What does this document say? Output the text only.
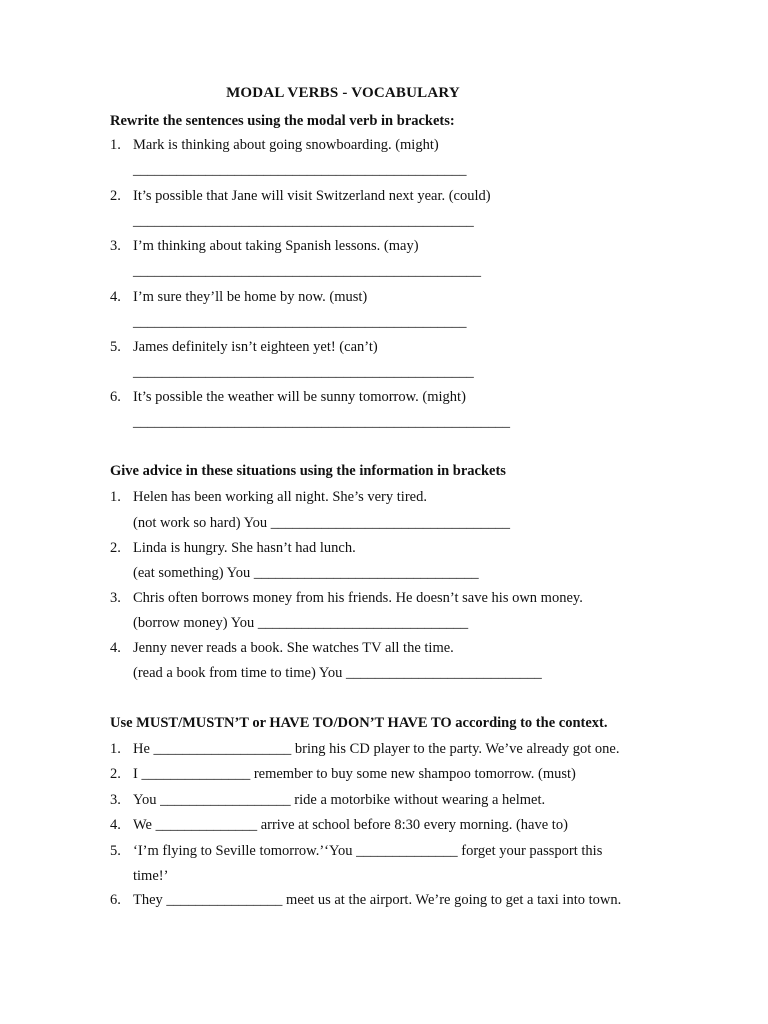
MODAL VERBS - VOCABULARY
Rewrite the sentences using the modal verb in brackets:
1. Mark is thinking about going snowboarding. (might)
______________________________________________
2. It’s possible that Jane will visit Switzerland next year. (could)
_______________________________________________
3. I’m thinking about taking Spanish lessons. (may)
________________________________________________
4. I’m sure they’ll be home by now. (must)
______________________________________________
5. James definitely isn’t eighteen yet! (can’t)
_______________________________________________
6. It’s possible the weather will be sunny tomorrow. (might)
____________________________________________________
Give advice in these situations using the information in brackets
1. Helen has been working all night. She’s very tired.
(not work so hard) You _________________________________
2. Linda is hungry. She hasn’t had lunch.
(eat something) You _______________________________
3. Chris often borrows money from his friends. He doesn’t save his own money.
(borrow money) You _____________________________
4. Jenny never reads a book. She watches TV all the time.
(read a book from time to time) You ___________________________
Use MUST/MUSTN’T or HAVE TO/DON’T HAVE TO according to the context.
1. He ___________________ bring his CD player to the party. We’ve already got one.
2. I _______________ remember to buy some new shampoo tomorrow. (must)
3. You __________________ ride a motorbike without wearing a helmet.
4. We ______________ arrive at school before 8:30 every morning. (have to)
5. ‘I’m flying to Seville tomorrow.’‘You ______________ forget your passport this
time!’
6. They ________________ meet us at the airport. We’re going to get a taxi into town.
